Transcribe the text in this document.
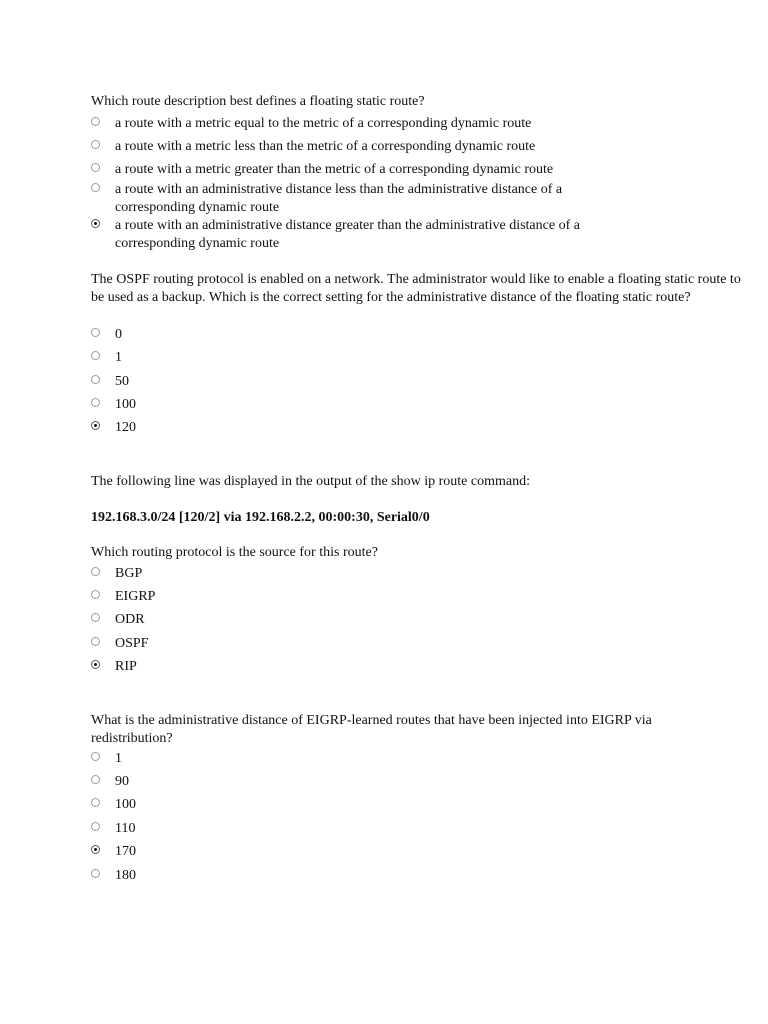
Which route description best defines a floating static route?

a route with a metric equal to the metric of a corresponding dynamic route
a route with a metric less than the metric of a corresponding dynamic route
a route with a metric greater than the metric of a corresponding dynamic route
a route with an administrative distance less than the administrative distance of a corresponding dynamic route
a route with an administrative distance greater than the administrative distance of a corresponding dynamic route

The OSPF routing protocol is enabled on a network. The administrator would like to enable a floating static route to be used as a backup. Which is the correct setting for the administrative distance of the floating static route?

0
1
50
100
120

The following line was displayed in the output of the show ip route command:

192.168.3.0/24 [120/2] via 192.168.2.2, 00:00:30, Serial0/0

Which routing protocol is the source for this route?

BGP
EIGRP
ODR
OSPF
RIP

What is the administrative distance of EIGRP-learned routes that have been injected into EIGRP via redistribution?

1
90
100
110
170
180
